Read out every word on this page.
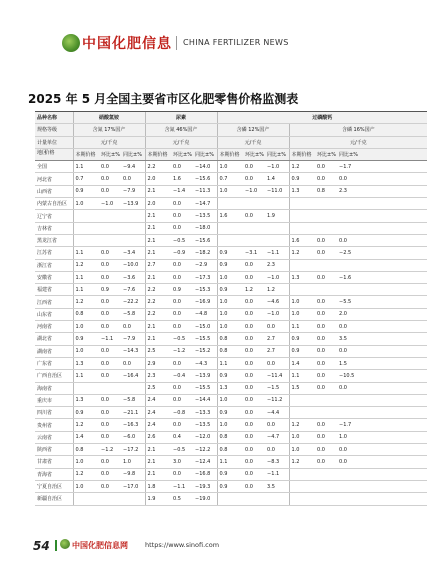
中国化肥信息 CHINA FERTILIZER NEWS
2025 年 5 月全国主要省市区化肥零售价格监测表
品种名称	硝酸氢铵			尿素			过磷酸钙					
规格等级	含氮 17%国产			含氮 46%国产			含磷 12%国产			含磷 16%国产		
计量单位	元/千克			元/千克			元/千克			元/千克		

地区
价格	本期价格	环比±%	同比±%	本期价格	环比±%	同比±%	本期价格	环比±%	同比±%	本期价格	环比±%	同比±%
全国	1.1	0.0	−9.4	2.2	0.0	−14.0	1.0	0.0	−1.0	1.2	0.0	−1.7
河北省	0.7	0.0	0.0	2.0	1.6	−15.6	0.7	0.0	1.4	0.9	0.0	0.0
山西省	0.9	0.0	−7.9	2.1	−1.4	−11.3	1.0	−1.0	−11.0	1.3	0.8	2.3
内蒙古自治区	1.0	−1.0	−13.9	2.0	0.0	−14.7						
辽宁省				2.1	0.0	−13.5	1.6	0.0	1.9			
吉林省				2.1	0.0	−18.0						
黑龙江省				2.1	−0.5	−15.6				1.6	0.0	0.0
江苏省	1.1	0.0	−3.4	2.1	−0.9	−18.2	0.9	−3.1	−1.1	1.2	0.0	−2.5
浙江省	1.2	0.0	−10.0	2.7	0.0	−2.9	0.9	0.0	2.3			
安徽省	1.1	0.0	−3.6	2.1	0.0	−17.3	1.0	0.0	−1.0	1.3	0.0	−1.6
福建省	1.1	0.9	−7.6	2.2	0.9	−15.3	0.9	1.2	1.2			
江西省	1.2	0.0	−22.2	2.2	0.0	−16.9	1.0	0.0	−4.6	1.0	0.0	−5.5
山东省	0.8	0.0	−5.8	2.2	0.0	−4.8	1.0	0.0	−1.0	1.0	0.0	2.0
河南省	1.0	0.0	0.0	2.1	0.0	−15.0	1.0	0.0	0.0	1.1	0.0	0.0
湖北省	0.9	−1.1	−7.9	2.1	−0.5	−15.5	0.8	0.0	2.7	0.9	0.0	3.5
湖南省	1.0	0.0	−14.3	2.5	−1.2	−15.2	0.8	0.0	2.7	0.9	0.0	0.0
广东省	1.3	0.0	0.0	2.9	0.0	−4.3	1.1	0.0	0.0	1.4	0.0	1.5
广西自治区	1.1	0.0	−16.4	2.3	−0.4	−13.9	0.9	0.0	−11.4	1.1	0.0	−10.5
海南省				2.5	0.0	−15.5	1.3	0.0	−1.5	1.5	0.0	0.0
重庆市	1.3	0.0	−5.8	2.4	0.0	−14.4	1.0	0.0	−11.2			
四川省	0.9	0.0	−21.1	2.4	−0.8	−13.3	0.9	0.0	−4.4			
贵州省	1.2	0.0	−16.3	2.4	0.0	−13.5	1.0	0.0	0.0	1.2	0.0	−1.7
云南省	1.4	0.0	−6.0	2.6	0.4	−12.0	0.8	0.0	−4.7	1.0	0.0	1.0
陕西省	0.8	−1.2	−17.2	2.1	−0.5	−12.2	0.8	0.0	0.0	1.0	0.0	0.0
甘肃省	1.0	0.0	1.0	2.1	3.0	−12.4	1.1	0.0	−8.3	1.2	0.0	0.0
青海省	1.2	0.0	−9.8	2.1	0.0	−16.8	0.9	0.0	−1.1			
宁夏自治区	1.0	0.0	−17.0	1.8	−1.1	−19.3	0.9	0.0	3.5			
新疆自治区				1.9	0.5	−19.0						
54	中国化肥信息网	https://www.sinofi.com
